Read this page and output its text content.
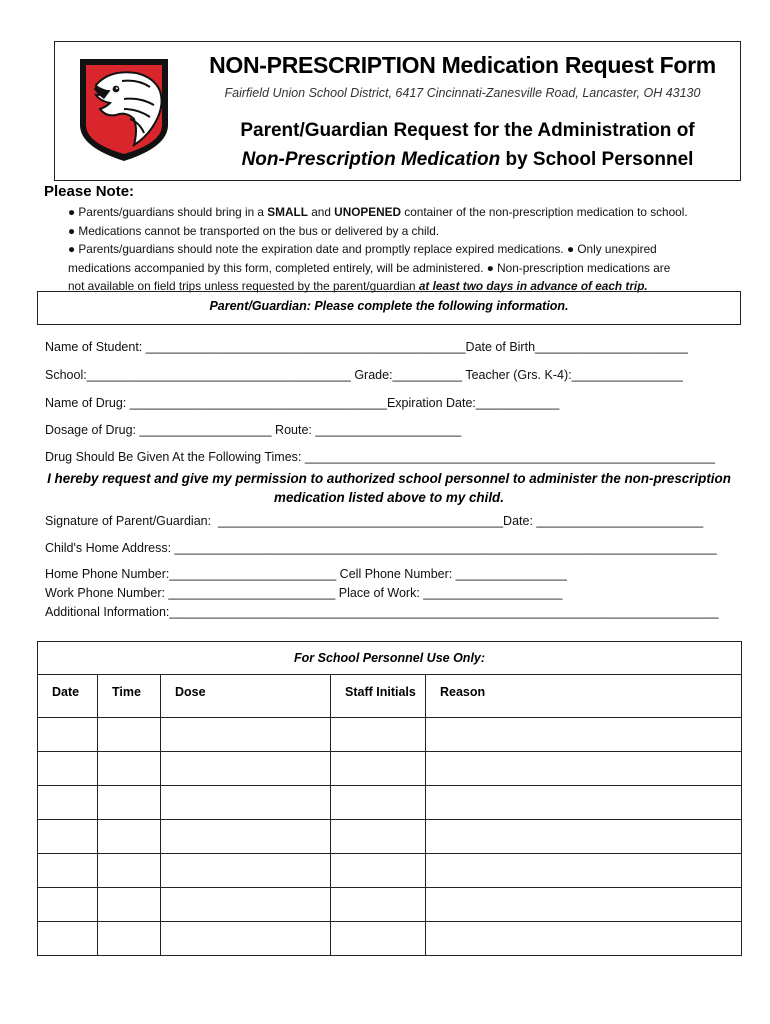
NON-PRESCRIPTION Medication Request Form
Fairfield Union School District, 6417 Cincinnati-Zanesville Road, Lancaster, OH 43130
Parent/Guardian Request for the Administration of
Non-Prescription Medication by School Personnel
Please Note:
● Parents/guardians should bring in a SMALL and UNOPENED container of the non-prescription medication to school.
● Medications cannot be transported on the bus or delivered by a child.
● Parents/guardians should note the expiration date and promptly replace expired medications. ● Only unexpired
medications accompanied by this form, completed entirely, will be administered. ● Non-prescription medications are
not available on field trips unless requested by the parent/guardian at least two days in advance of each trip.
Parent/Guardian: Please complete the following information.
Name of Student: ______________________________________________Date of Birth______________________
School:______________________________________ Grade:__________ Teacher (Grs. K-4):________________
Name of Drug: _____________________________________Expiration Date:____________
Dosage of Drug: ___________________ Route: _____________________
Drug Should Be Given At the Following Times: ___________________________________________________________
I hereby request and give my permission to authorized school personnel to administer the non-prescription
medication listed above to my child.
Signature of Parent/Guardian:  _________________________________________Date: ________________________
Child's Home Address: ______________________________________________________________________________
Home Phone Number:________________________ Cell Phone Number: ________________
Work Phone Number: ________________________ Place of Work: ____________________
Additional Information:_______________________________________________________________________________
For School Personnel Use Only:				
Date	Time	Dose	Staff Initials	Reason
